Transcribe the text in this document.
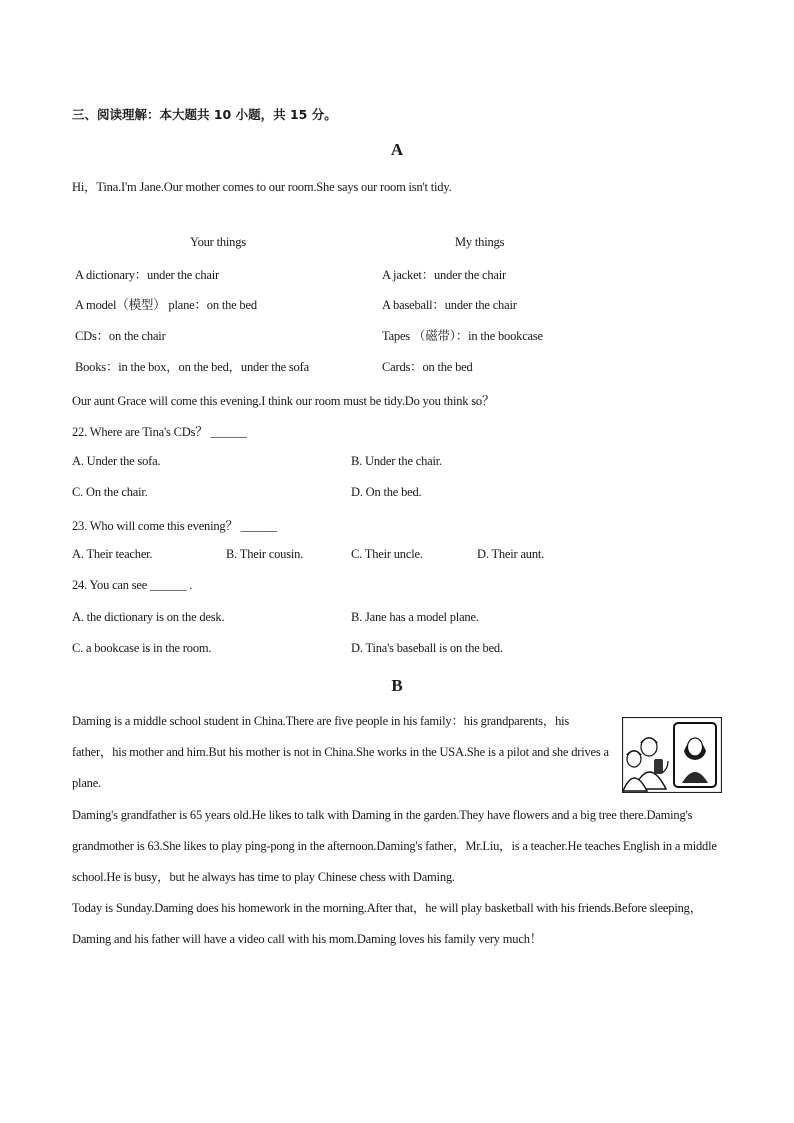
三、阅读理解：本大题共 10 小题，共 15 分。
A
Hi，Tina.I'm Jane.Our mother comes to our room.She says our room isn't tidy.
Your things	My things
A dictionary：under the chair	A jacket：under the chair
A model（模型） plane：on the bed	A baseball：under the chair
CDs：on the chair	Tapes （磁带）：in the bookcase
Books：in the box，on the bed，under the sofa	Cards：on the bed
Our aunt Grace will come this evening.I think our room must be tidy.Do you think so？
22. Where are Tina's CDs？ ______
A. Under the sofa.	B. Under the chair.
C. On the chair.	D. On the bed.
23. Who will come this evening？ ______
A. Their teacher.	B. Their cousin.	C. Their uncle.	D. Their aunt.
24. You can see ______ .
A. the dictionary is on the desk.	B. Jane has a model plane.
C. a bookcase is in the room.	D. Tina's baseball is on the bed.
B

Daming is a middle school student in China.There are five people in his family：his grandparents，his father，his mother and him.But his mother is not in China.She works in the USA.She is a pilot and she drives a plane.

Daming's grandfather is 65 years old.He likes to talk with Daming in the garden.They have flowers and a big tree there.Daming's grandmother is 63.She likes to play ping-pong in the afternoon.Daming's father，Mr.Liu，is a teacher.He teaches English in a middle school.He is busy，but he always has time to play Chinese chess with Daming.

Today is Sunday.Daming does his homework in the morning.After that，he will play basketball with his friends.Before sleeping，Daming and his father will have a video call with his mom.Daming loves his family very much！
